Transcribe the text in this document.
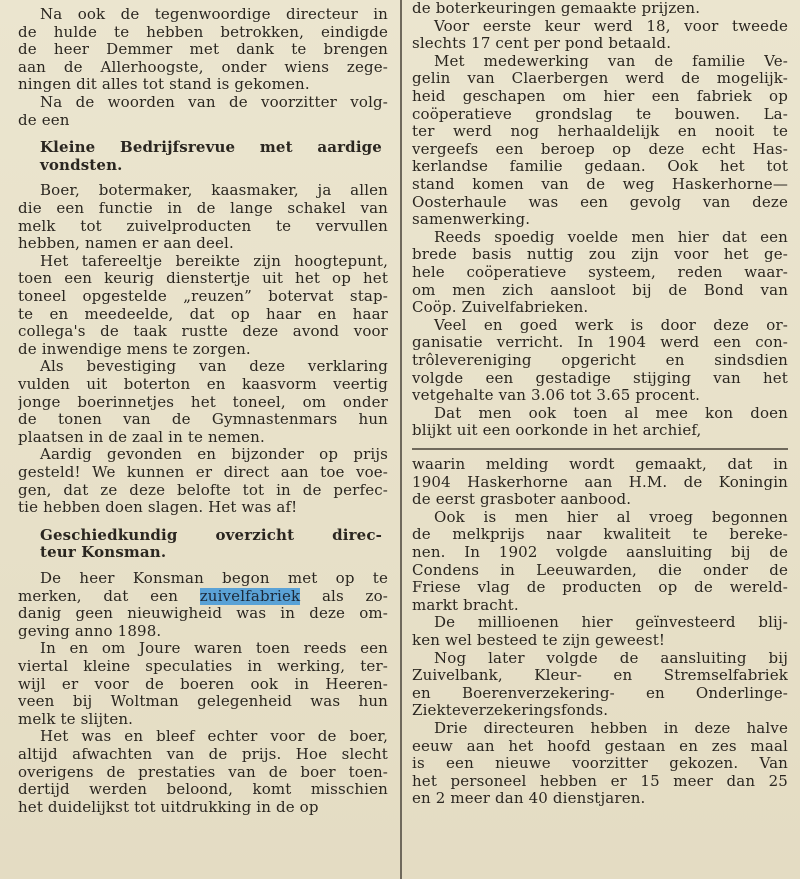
Na ook de tegenwoordige directeur in
de hulde te hebben betrokken, eindigde
de heer Demmer met dank te brengen
aan de Allerhoogste, onder wiens zege-
ningen dit alles tot stand is gekomen.
Na de woorden van de voorzitter volg-
de een
Kleine Bedrijfsrevue met aardige
vondsten.
Boer, botermaker, kaasmaker, ja allen
die een functie in de lange schakel van
melk tot zuivelproducten te vervullen
hebben, namen er aan deel.
Het tafereeltje bereikte zijn hoogtepunt,
toen een keurig dienstertje uit het op het
toneel opgestelde „reuzen” botervat stap-
te en meedeelde, dat op haar en haar
collega's de taak rustte deze avond voor
de inwendige mens te zorgen.
Als bevestiging van deze verklaring
vulden uit boterton en kaasvorm veertig
jonge boerinnetjes het toneel, om onder
de tonen van de Gymnastenmars hun
plaatsen in de zaal in te nemen.
Aardig gevonden en bijzonder op prijs
gesteld! We kunnen er direct aan toe voe-
gen, dat ze deze belofte tot in de perfec-
tie hebben doen slagen. Het was af!
Geschiedkundig overzicht direc-
teur Konsman.
De heer Konsman begon met op te
merken, dat een zuivelfabriek als zo-
danig geen nieuwigheid was in deze om-
geving anno 1898.
In en om Joure waren toen reeds een
viertal kleine speculaties in werking, ter-
wijl er voor de boeren ook in Heeren-
veen bij Woltman gelegenheid was hun
melk te slijten.
Het was en bleef echter voor de boer,
altijd afwachten van de prijs. Hoe slecht
overigens de prestaties van de boer toen-
dertijd werden beloond, komt misschien
het duidelijkst tot uitdrukking in de op
de boterkeuringen gemaakte prijzen.
Voor eerste keur werd 18, voor tweede
slechts 17 cent per pond betaald.
Met medewerking van de familie Ve-
gelin van Claerbergen werd de mogelijk-
heid geschapen om hier een fabriek op
coöperatieve grondslag te bouwen. La-
ter werd nog herhaaldelijk en nooit te
vergeefs een beroep op deze echt Has-
kerlandse familie gedaan. Ook het tot
stand komen van de weg Haskerhorne—
Oosterhaule was een gevolg van deze
samenwerking.
Reeds spoedig voelde men hier dat een
brede basis nuttig zou zijn voor het ge-
hele coöperatieve systeem, reden waar-
om men zich aansloot bij de Bond van
Coöp. Zuivelfabrieken.
Veel en goed werk is door deze or-
ganisatie verricht. In 1904 werd een con-
trôlevereniging opgericht en sindsdien
volgde een gestadige stijging van het
vetgehalte van 3.06 tot 3.65 procent.
Dat men ook toen al mee kon doen
blijkt uit een oorkonde in het archief,
waarin melding wordt gemaakt, dat in
1904 Haskerhorne aan H.M. de Koningin
de eerst grasboter aanbood.
Ook is men hier al vroeg begonnen
de melkprijs naar kwaliteit te bereke-
nen. In 1902 volgde aansluiting bij de
Condens in Leeuwarden, die onder de
Friese vlag de producten op de wereld-
markt bracht.
De millioenen hier geïnvesteerd blij-
ken wel besteed te zijn geweest!
Nog later volgde de aansluiting bij
Zuivelbank, Kleur- en Stremselfabriek
en Boerenverzekering- en Onderlinge-
Ziekteverzekeringsfonds.
Drie directeuren hebben in deze halve
eeuw aan het hoofd gestaan en zes maal
is een nieuwe voorzitter gekozen. Van
het personeel hebben er 15 meer dan 25
en 2 meer dan 40 dienstjaren.
